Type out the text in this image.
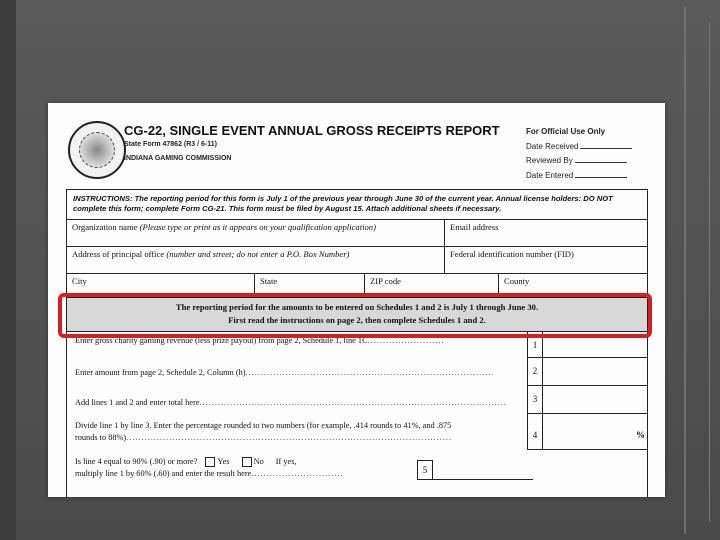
CG-22, SINGLE EVENT ANNUAL GROSS RECEIPTS REPORT
State Form 47862 (R3 / 6-11)
INDIANA GAMING COMMISSION
For Official Use Only
Date Received
Reviewed By
Date Entered
INSTRUCTIONS: The reporting period for this form is July 1 of the previous year through June 30 of the current year. Annual license holders: DO NOT
complete this form; complete Form CG-21. This form must be filed by August 15. Attach additional sheets if necessary.
Organization name (Please type or print as it appears on your qualification application)	Email address
Address of principal office (number and street; do not enter a P.O. Box Number)	Federal identification number (FID)
City	State	ZIP code	County
The reporting period for the amounts to be entered on Schedules 1 and 2 is July 1 through June 30.
First read the instructions on page 2, then complete Schedules 1 and 2.
Enter gross charity gaming revenue (less prize payout) from page 2, Schedule 1, line 1C.........................	1
Enter amount from page 2, Schedule 2, Column (h).................................................................................	2
Add lines 1 and 2 and enter total here....................................................................................................	3
Divide line 1 by line 3. Enter the percentage rounded to two numbers (for example, .414 rounds to 41%, and .875
rounds to 88%)..........................................................................................................	4	%
Is line 4 equal to 90% (.90) or more? Yes	No If yes,
multiply line 1 by 60% (.60) and enter the result here..............................	5
